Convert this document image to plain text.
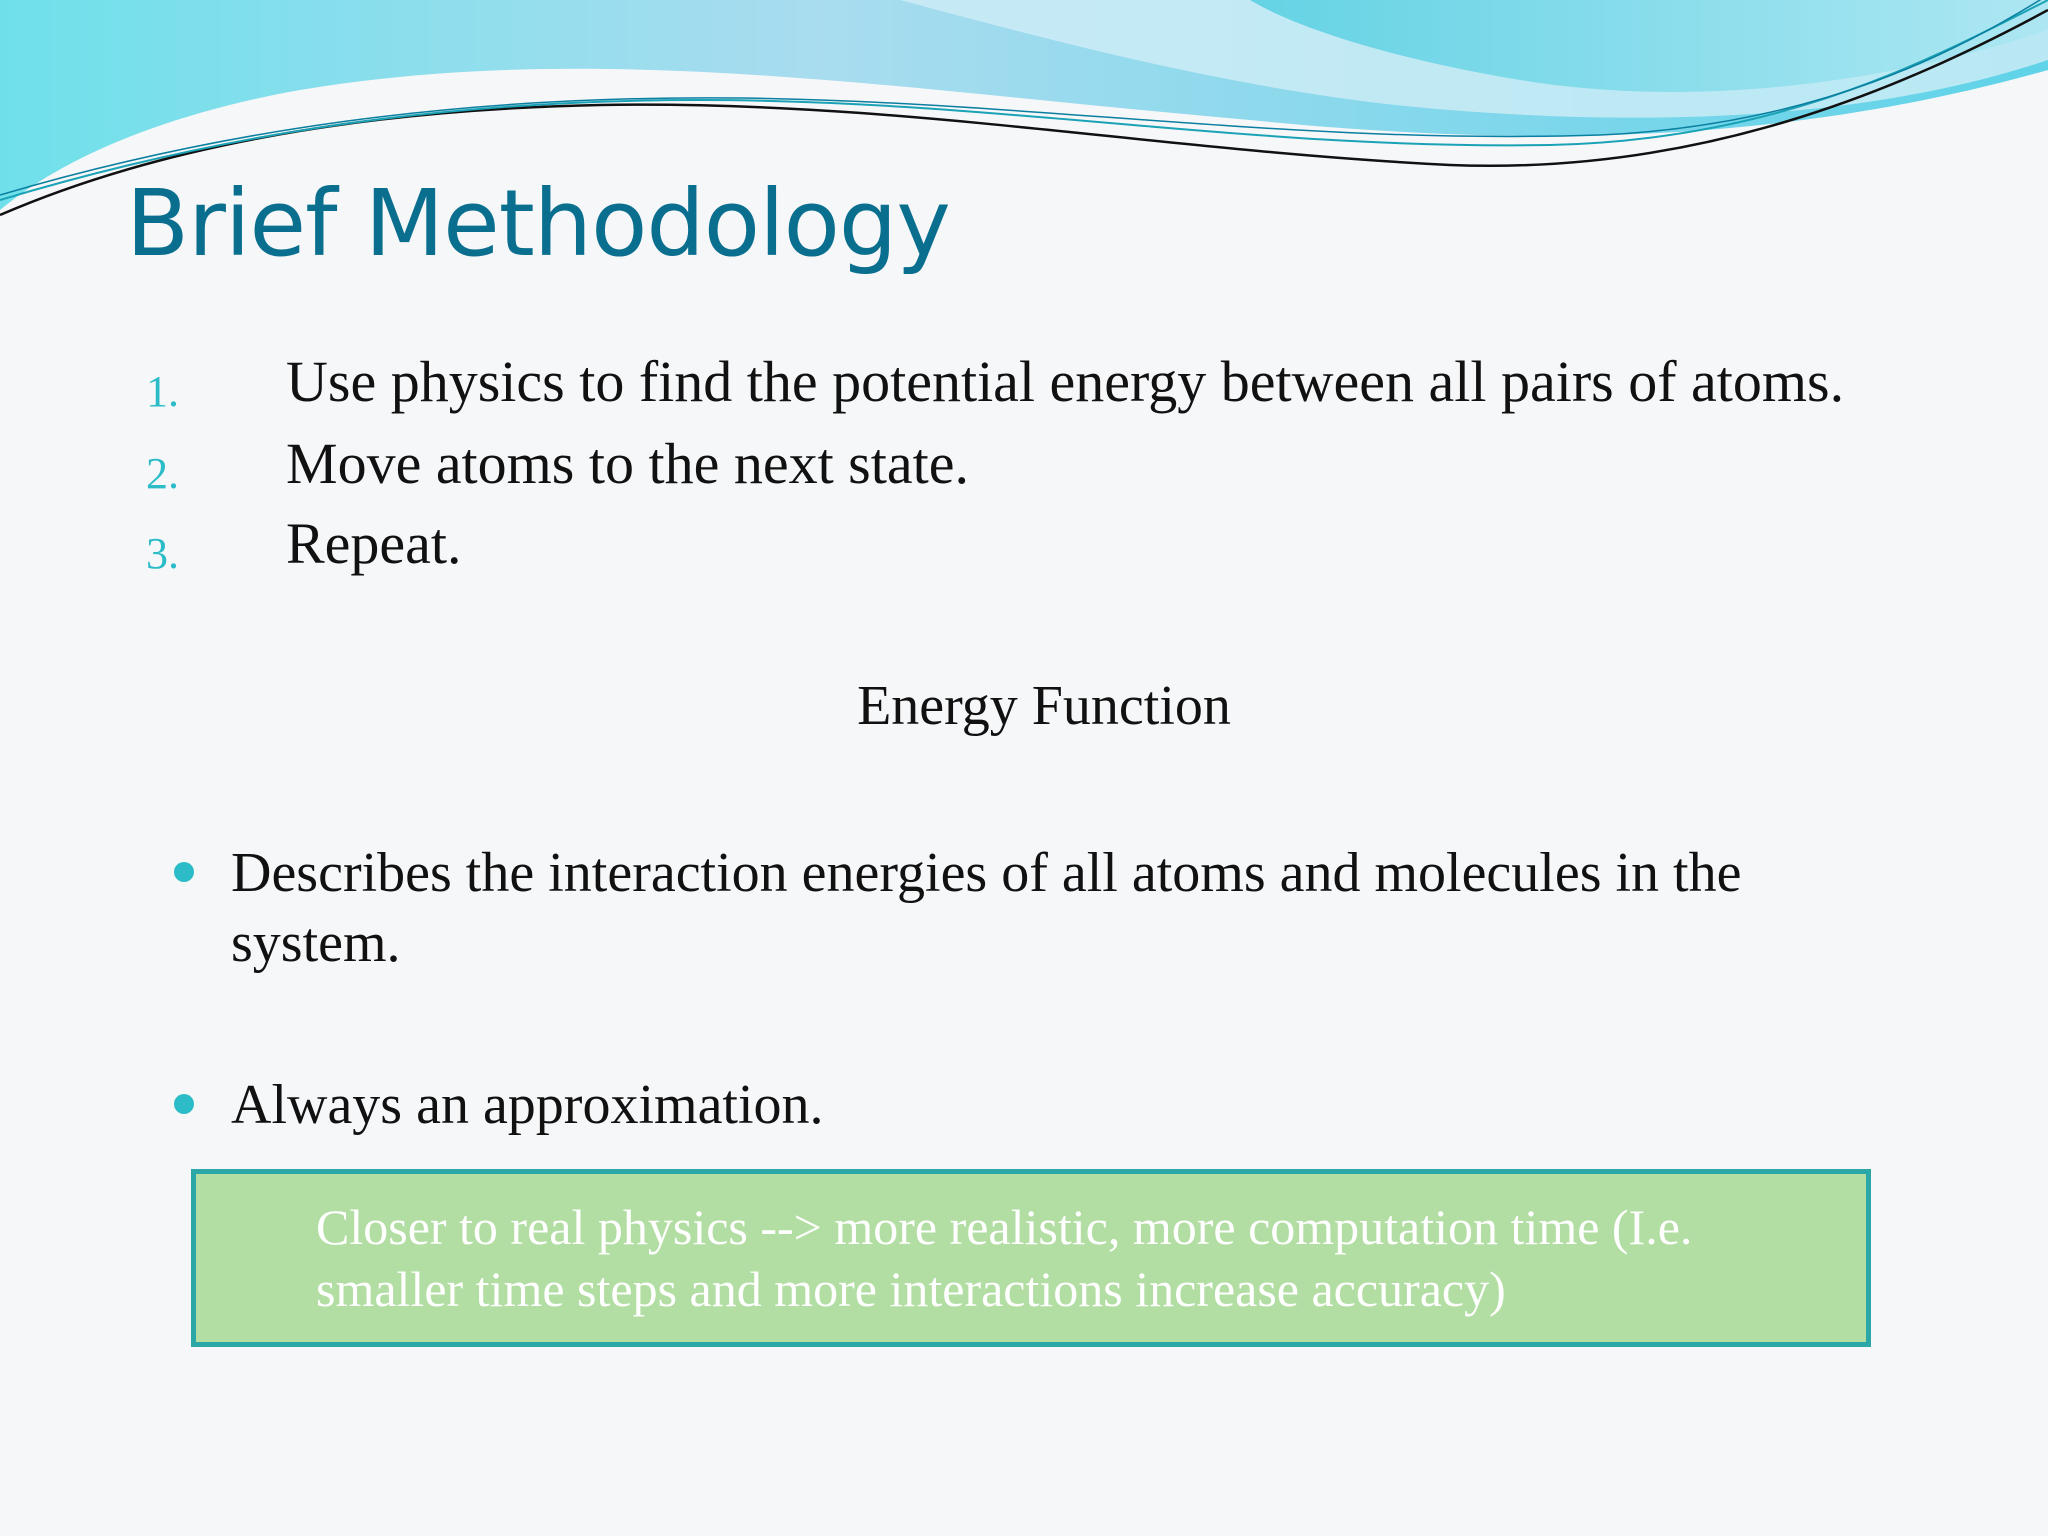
Brief Methodology
1. Use physics to find the potential energy between all pairs of atoms.
2. Move atoms to the next state.
3. Repeat.
Energy Function
Describes the interaction energies of all atoms and molecules in the system.
Always an approximation.
Closer to real physics --> more realistic, more computation time (I.e. smaller time steps and more interactions increase accuracy)
